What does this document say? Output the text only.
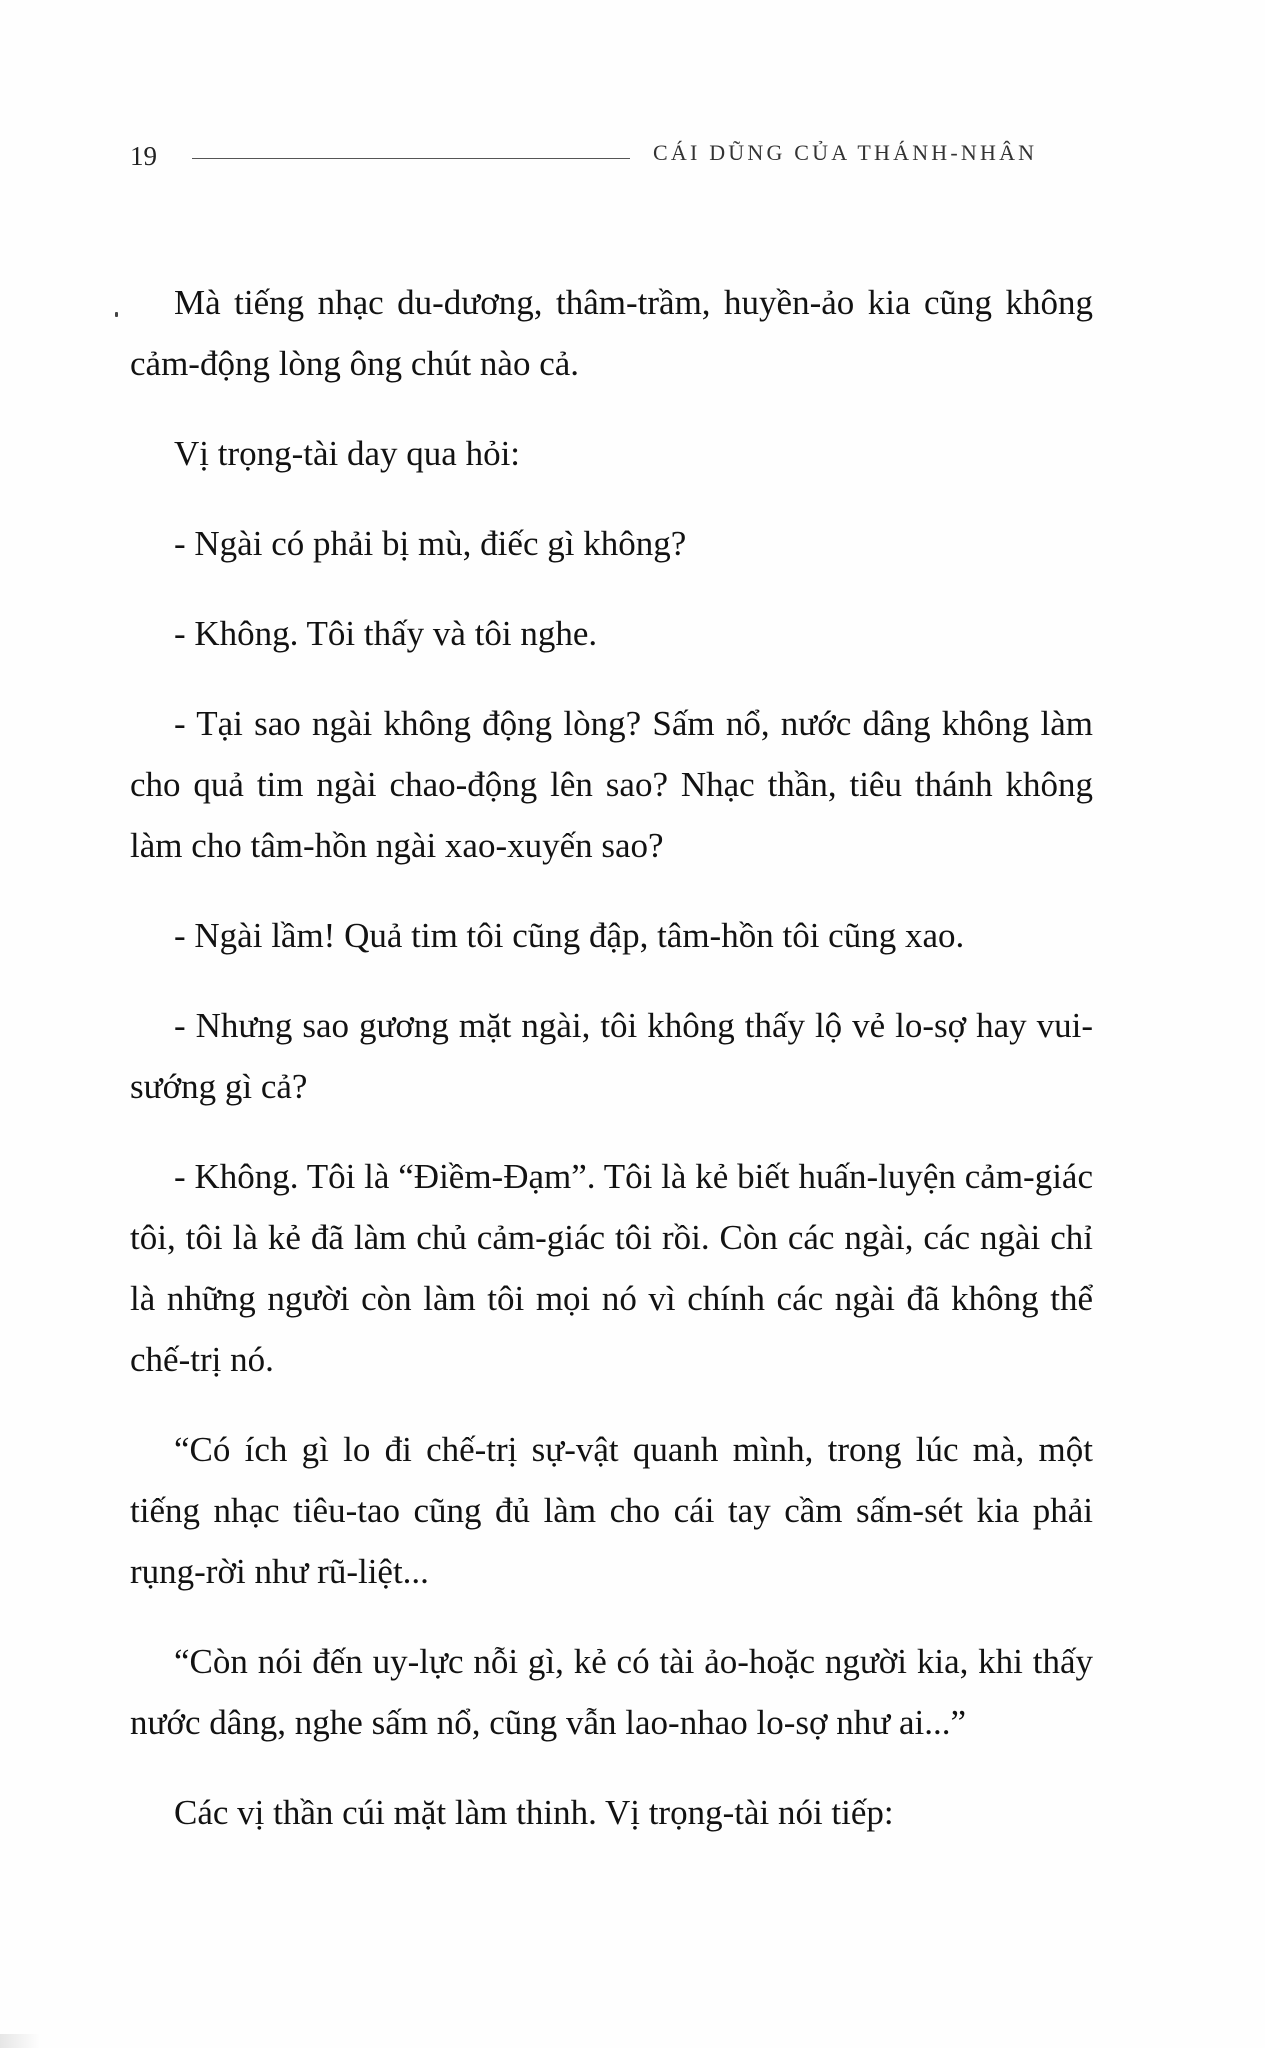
19	CÁI DŨNG CỦA THÁNH-NHÂN

Mà tiếng nhạc du-dương, thâm-trầm, huyền-ảo kia cũng không cảm-động lòng ông chút nào cả.

Vị trọng-tài day qua hỏi:

- Ngài có phải bị mù, điếc gì không?

- Không. Tôi thấy và tôi nghe.

- Tại sao ngài không động lòng? Sấm nổ, nước dâng không làm cho quả tim ngài chao-động lên sao? Nhạc thần, tiêu thánh không làm cho tâm-hồn ngài xao-xuyến sao?

- Ngài lầm! Quả tim tôi cũng đập, tâm-hồn tôi cũng xao.

- Nhưng sao gương mặt ngài, tôi không thấy lộ vẻ lo-sợ hay vui-sướng gì cả?

- Không. Tôi là “Điềm-Đạm”. Tôi là kẻ biết huấn-luyện cảm-giác tôi, tôi là kẻ đã làm chủ cảm-giác tôi rồi. Còn các ngài, các ngài chỉ là những người còn làm tôi mọi nó vì chính các ngài đã không thể chế-trị nó.

“Có ích gì lo đi chế-trị sự-vật quanh mình, trong lúc mà, một tiếng nhạc tiêu-tao cũng đủ làm cho cái tay cầm sấm-sét kia phải rụng-rời như rũ-liệt...

“Còn nói đến uy-lực nỗi gì, kẻ có tài ảo-hoặc người kia, khi thấy nước dâng, nghe sấm nổ, cũng vẫn lao-nhao lo-sợ như ai...”

Các vị thần cúi mặt làm thinh. Vị trọng-tài nói tiếp:
